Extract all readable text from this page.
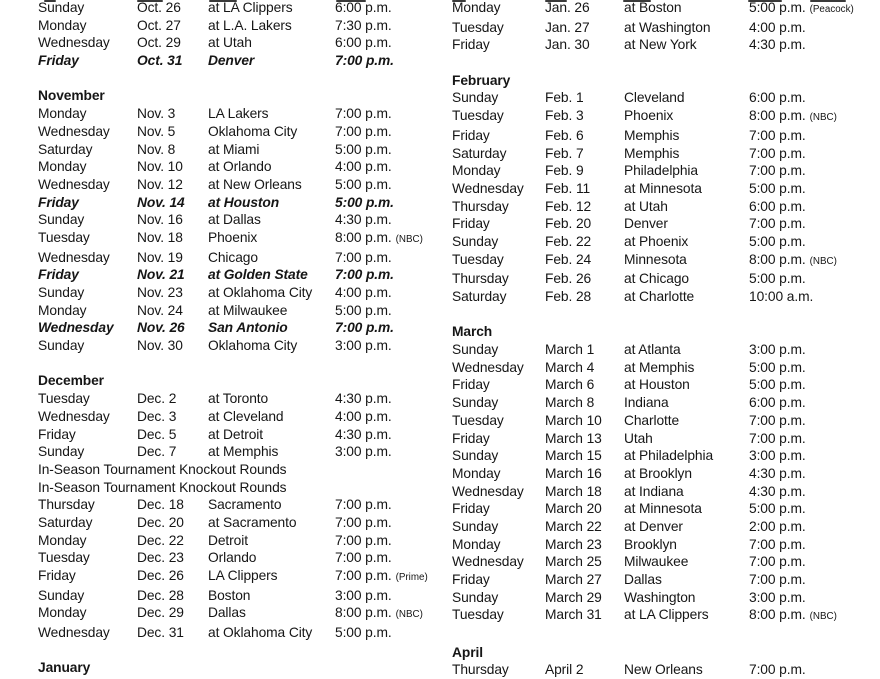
Sunday	Oct. 26	at LA Clippers	6:00 p.m.
Monday	Oct. 27	at L.A. Lakers	7:30 p.m.
Wednesday	Oct. 29	at Utah	6:00 p.m.
Friday	Oct. 31	Denver	7:00 p.m.
November
Monday	Nov. 3	LA Lakers	7:00 p.m.
Wednesday	Nov. 5	Oklahoma City	7:00 p.m.
Saturday	Nov. 8	at Miami	5:00 p.m.
Monday	Nov. 10	at Orlando	4:00 p.m.
Wednesday	Nov. 12	at New Orleans	5:00 p.m.
Friday	Nov. 14	at Houston	5:00 p.m.
Sunday	Nov. 16	at Dallas	4:30 p.m.
Tuesday	Nov. 18	Phoenix	8:00 p.m. (NBC)
Wednesday	Nov. 19	Chicago	7:00 p.m.
Friday	Nov. 21	at Golden State	7:00 p.m.
Sunday	Nov. 23	at Oklahoma City	4:00 p.m.
Monday	Nov. 24	at Milwaukee	5:00 p.m.
Wednesday	Nov. 26	San Antonio	7:00 p.m.
Sunday	Nov. 30	Oklahoma City	3:00 p.m.
December
Tuesday	Dec. 2	at Toronto	4:30 p.m.
Wednesday	Dec. 3	at Cleveland	4:00 p.m.
Friday	Dec. 5	at Detroit	4:30 p.m.
Sunday	Dec. 7	at Memphis	3:00 p.m.
In-Season Tournament Knockout Rounds
In-Season Tournament Knockout Rounds
Thursday	Dec. 18	Sacramento	7:00 p.m.
Saturday	Dec. 20	at Sacramento	7:00 p.m.
Monday	Dec. 22	Detroit	7:00 p.m.
Tuesday	Dec. 23	Orlando	7:00 p.m.
Friday	Dec. 26	LA Clippers	7:00 p.m. (Prime)
Sunday	Dec. 28	Boston	3:00 p.m.
Monday	Dec. 29	Dallas	8:00 p.m. (NBC)
Wednesday	Dec. 31	at Oklahoma City	5:00 p.m.
January
Monday	Jan. 26	at Boston	5:00 p.m. (Peacock)
Tuesday	Jan. 27	at Washington	4:00 p.m.
Friday	Jan. 30	at New York	4:30 p.m.
February
Sunday	Feb. 1	Cleveland	6:00 p.m.
Tuesday	Feb. 3	Phoenix	8:00 p.m. (NBC)
Friday	Feb. 6	Memphis	7:00 p.m.
Saturday	Feb. 7	Memphis	7:00 p.m.
Monday	Feb. 9	Philadelphia	7:00 p.m.
Wednesday	Feb. 11	at Minnesota	5:00 p.m.
Thursday	Feb. 12	at Utah	6:00 p.m.
Friday	Feb. 20	Denver	7:00 p.m.
Sunday	Feb. 22	at Phoenix	5:00 p.m.
Tuesday	Feb. 24	Minnesota	8:00 p.m. (NBC)
Thursday	Feb. 26	at Chicago	5:00 p.m.
Saturday	Feb. 28	at Charlotte	10:00 a.m.
March
Sunday	March 1	at Atlanta	3:00 p.m.
Wednesday	March 4	at Memphis	5:00 p.m.
Friday	March 6	at Houston	5:00 p.m.
Sunday	March 8	Indiana	6:00 p.m.
Tuesday	March 10	Charlotte	7:00 p.m.
Friday	March 13	Utah	7:00 p.m.
Sunday	March 15	at Philadelphia	3:00 p.m.
Monday	March 16	at Brooklyn	4:30 p.m.
Wednesday	March 18	at Indiana	4:30 p.m.
Friday	March 20	at Minnesota	5:00 p.m.
Sunday	March 22	at Denver	2:00 p.m.
Monday	March 23	Brooklyn	7:00 p.m.
Wednesday	March 25	Milwaukee	7:00 p.m.
Friday	March 27	Dallas	7:00 p.m.
Sunday	March 29	Washington	3:00 p.m.
Tuesday	March 31	at LA Clippers	8:00 p.m. (NBC)
April
Thursday	April 2	New Orleans	7:00 p.m.
